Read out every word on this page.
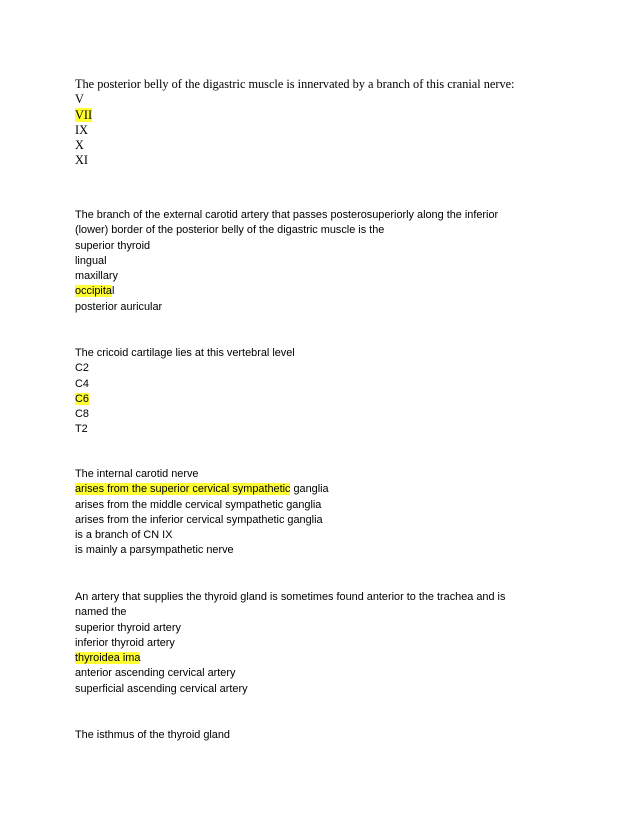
The posterior belly of the digastric muscle is innervated by a branch of this cranial nerve:
V
VII
IX
X
XI
The branch of the external carotid artery that passes posterosuperiorly along the inferior
(lower) border of the posterior belly of the digastric muscle is the
superior thyroid
lingual
maxillary
occipital
posterior auricular
The cricoid cartilage lies at this vertebral level
C2
C4
C6
C8
T2
The internal carotid nerve
arises from the superior cervical sympathetic ganglia
arises from the middle cervical sympathetic ganglia
arises from the inferior cervical sympathetic ganglia
is a branch of CN IX
is mainly a parsympathetic nerve
An artery that supplies the thyroid gland is sometimes found anterior to the trachea and is
named the
superior thyroid artery
inferior thyroid artery
thyroidea ima
anterior ascending cervical artery
superficial ascending cervical artery
The isthmus of the thyroid gland
